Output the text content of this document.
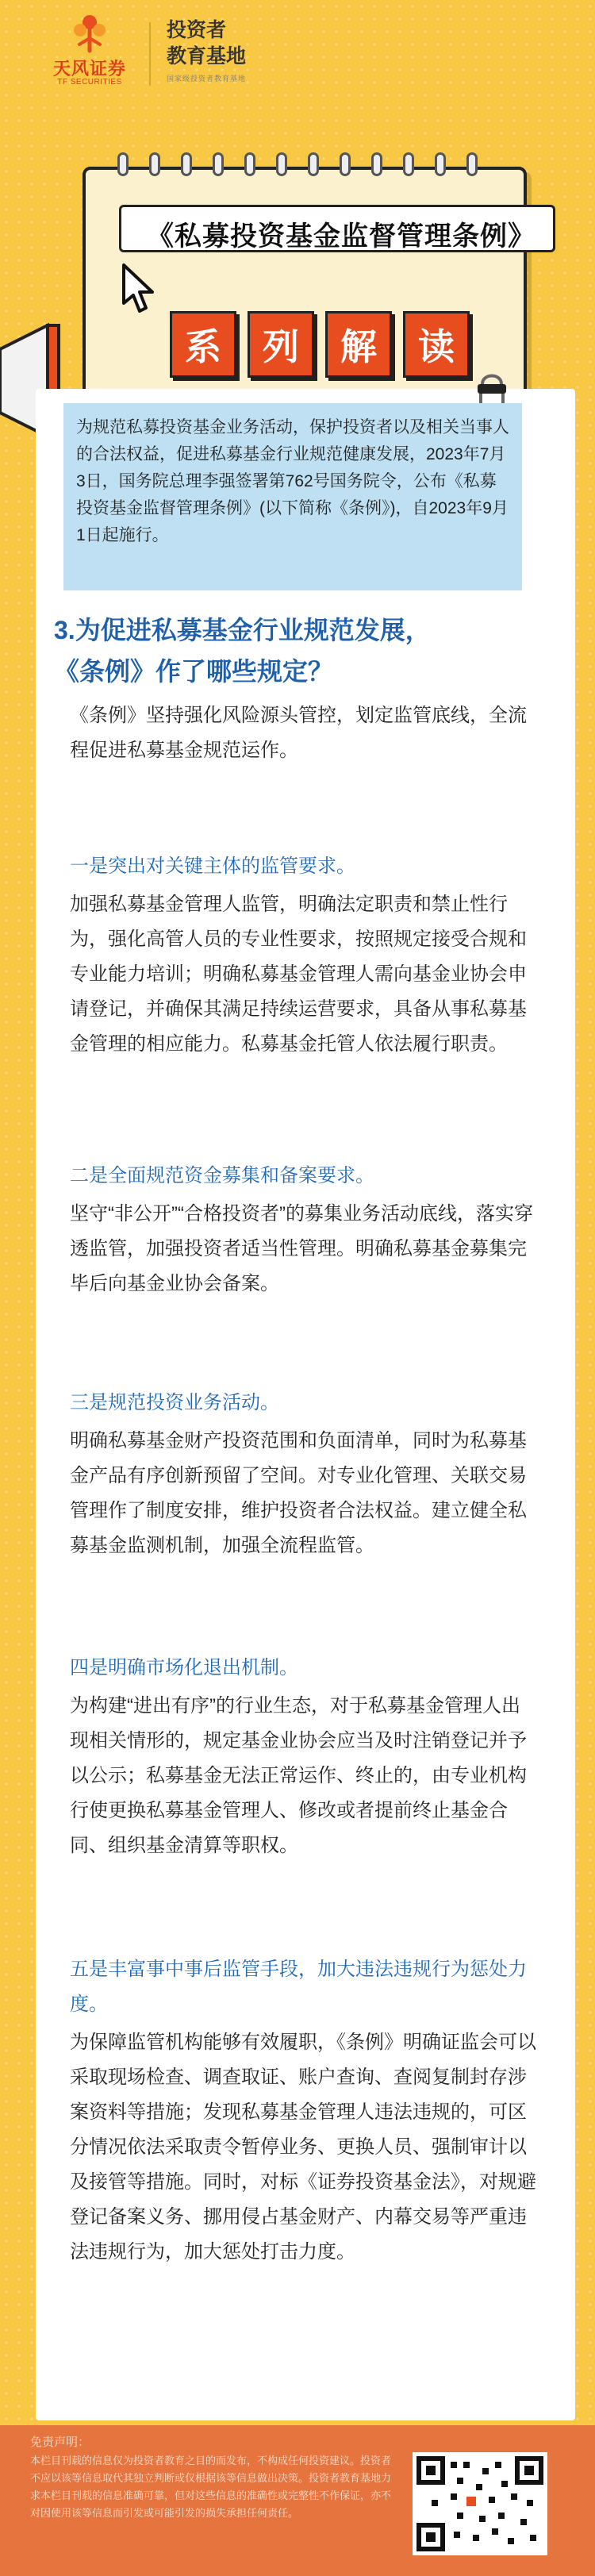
天风证券
TF SECURITIES
投资者
教育基地
国家级投资者教育基地
《私募投资基金监督管理条例》
系	列	解	读
为规范私募投资基金业务活动，保护投资者以及相关当事人的合法权益，促进私募基金行业规范健康发展，2023年7月3日，国务院总理李强签署第762号国务院令，公布《私募投资基金监督管理条例》(以下简称《条例》)，自2023年9月1日起施行。
3.为促进私募基金行业规范发展，
《条例》作了哪些规定？
《条例》坚持强化风险源头管控，划定监管底线，全流程促进私募基金规范运作。
一是突出对关键主体的监管要求。
加强私募基金管理人监管，明确法定职责和禁止性行为，强化高管人员的专业性要求，按照规定接受合规和专业能力培训；明确私募基金管理人需向基金业协会申请登记，并确保其满足持续运营要求，具备从事私募基金管理的相应能力。私募基金托管人依法履行职责。
二是全面规范资金募集和备案要求。
坚守“非公开”“合格投资者”的募集业务活动底线，落实穿透监管，加强投资者适当性管理。明确私募基金募集完毕后向基金业协会备案。
三是规范投资业务活动。
明确私募基金财产投资范围和负面清单，同时为私募基金产品有序创新预留了空间。对专业化管理、关联交易管理作了制度安排，维护投资者合法权益。建立健全私募基金监测机制，加强全流程监管。
四是明确市场化退出机制。
为构建“进出有序”的行业生态，对于私募基金管理人出现相关情形的，规定基金业协会应当及时注销登记并予以公示；私募基金无法正常运作、终止的，由专业机构行使更换私募基金管理人、修改或者提前终止基金合同、组织基金清算等职权。
五是丰富事中事后监管手段，加大违法违规行为惩处力度。
为保障监管机构能够有效履职，《条例》明确证监会可以采取现场检查、调查取证、账户查询、查阅复制封存涉案资料等措施；发现私募基金管理人违法违规的，可区分情况依法采取责令暂停业务、更换人员、强制审计以及接管等措施。同时，对标《证券投资基金法》，对规避登记备案义务、挪用侵占基金财产、内幕交易等严重违法违规行为，加大惩处打击力度。
免责声明：
本栏目刊载的信息仅为投资者教育之目的而发布，不构成任何投资建议。投资者不应以该等信息取代其独立判断或仅根据该等信息做出决策。投资者教育基地力求本栏目刊载的信息准确可靠，但对这些信息的准确性或完整性不作保证，亦不对因使用该等信息而引发或可能引发的损失承担任何责任。
